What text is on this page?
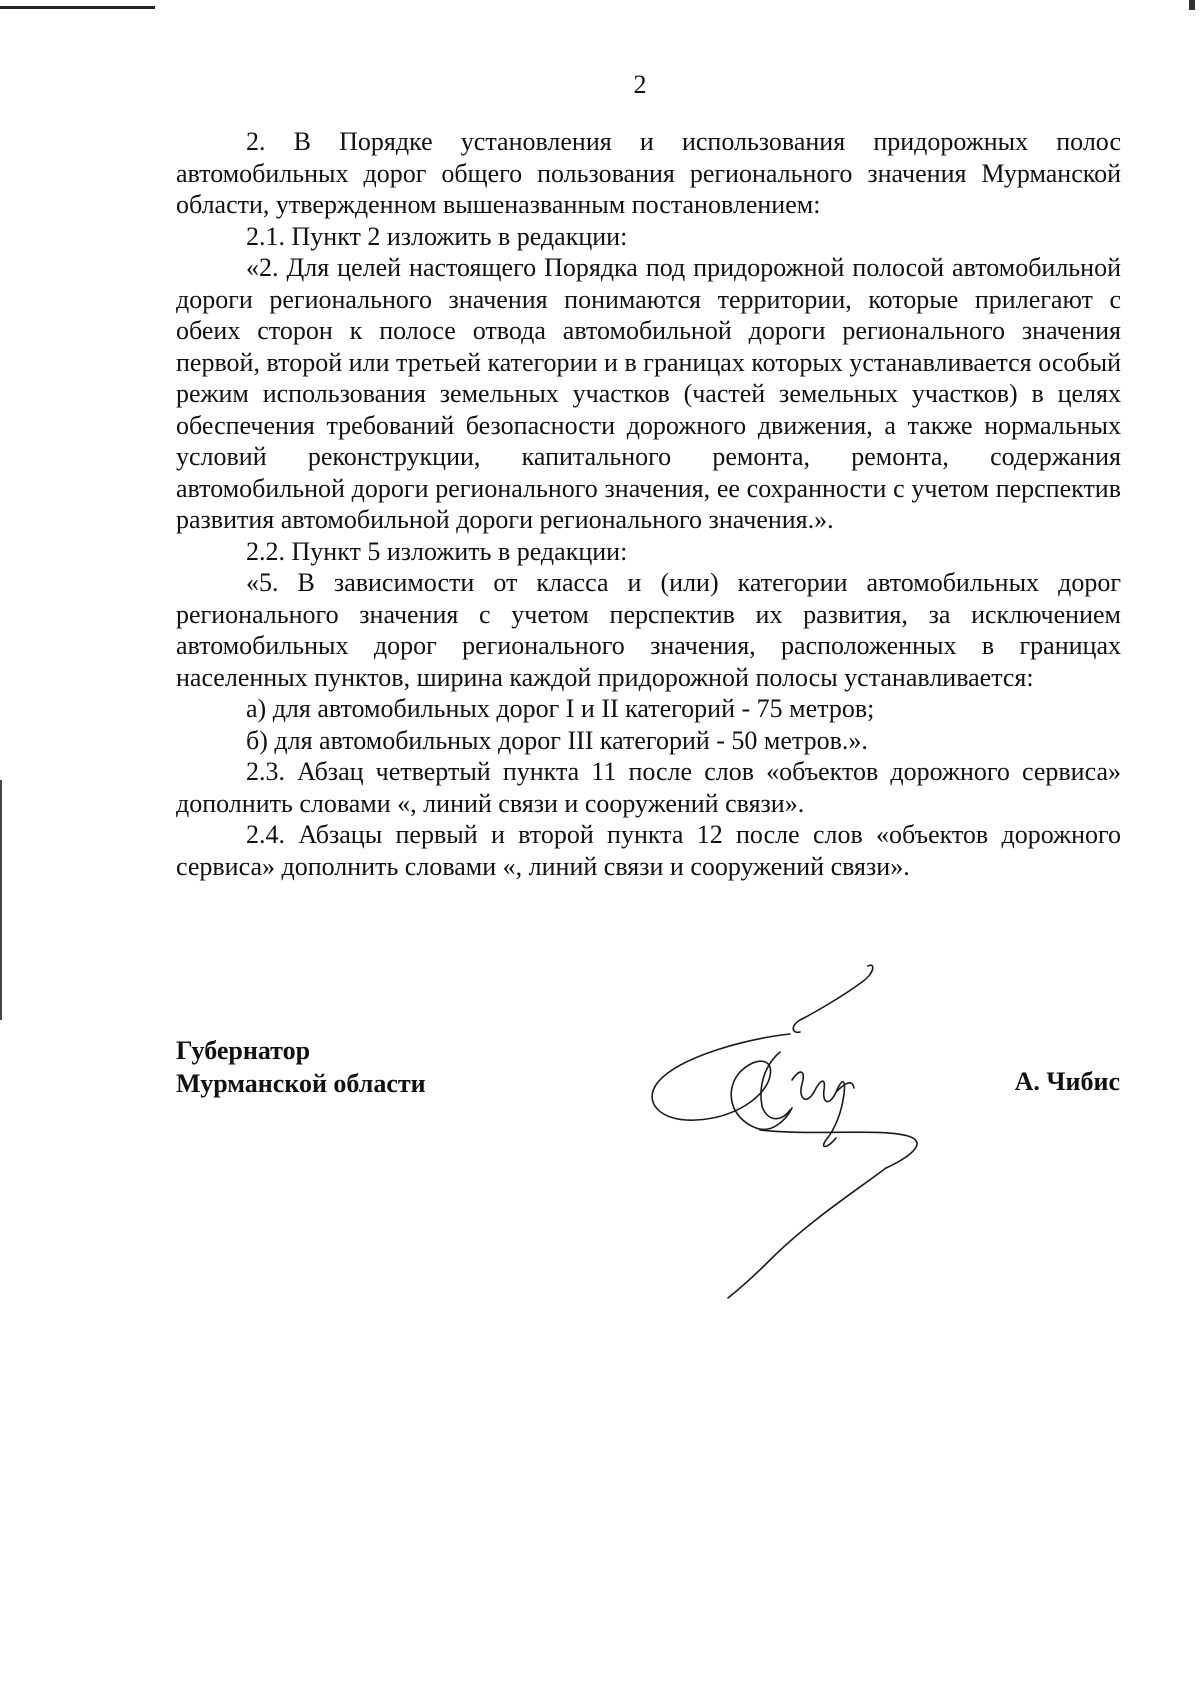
2

2. В Порядке установления и использования придорожных полос автомобильных дорог общего пользования регионального значения Мурманской области, утвержденном вышеназванным постановлением:

2.1. Пункт 2 изложить в редакции:

«2. Для целей настоящего Порядка под придорожной полосой автомобильной дороги регионального значения понимаются территории, которые прилегают с обеих сторон к полосе отвода автомобильной дороги регионального значения первой, второй или третьей категории и в границах которых устанавливается особый режим использования земельных участков (частей земельных участков) в целях обеспечения требований безопасности дорожного движения, а также нормальных условий реконструкции, капитального ремонта, ремонта, содержания автомобильной дороги регионального значения, ее сохранности с учетом перспектив развития автомобильной дороги регионального значения.».

2.2. Пункт 5 изложить в редакции:

«5. В зависимости от класса и (или) категории автомобильных дорог регионального значения с учетом перспектив их развития, за исключением автомобильных дорог регионального значения, расположенных в границах населенных пунктов, ширина каждой придорожной полосы устанавливается:

а) для автомобильных дорог I и II категорий - 75 метров;

б) для автомобильных дорог III категорий - 50 метров.».

2.3. Абзац четвертый пункта 11 после слов «объектов дорожного сервиса» дополнить словами «, линий связи и сооружений связи».

2.4. Абзацы первый и второй пункта 12 после слов «объектов дорожного сервиса» дополнить словами «, линий связи и сооружений связи».

Губернатор
Мурманской области	А. Чибис
